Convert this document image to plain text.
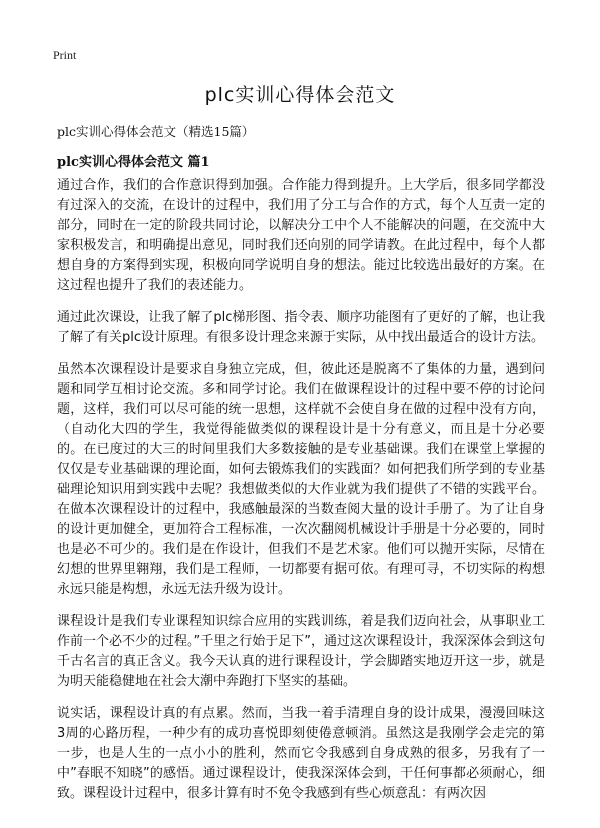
Print
plc实训心得体会范文

plc实训心得体会范文（精选15篇）

plc实训心得体会范文 篇1

通过合作，我们的合作意识得到加强。合作能力得到提升。上大学后，很多同学都没有过深入的交流，在设计的过程中，我们用了分工与合作的方式，每个人互责一定的部分，同时在一定的阶段共同讨论，以解决分工中个人不能解决的问题，在交流中大家积极发言，和明确提出意见，同时我们还向别的同学请教。在此过程中，每个人都想自身的方案得到实现，积极向同学说明自身的想法。能过比较选出最好的方案。在这过程也提升了我们的表述能力。

通过此次课设，让我了解了plc梯形图、指令表、顺序功能图有了更好的了解，也让我了解了有关plc设计原理。有很多设计理念来源于实际，从中找出最适合的设计方法。

虽然本次课程设计是要求自身独立完成，但，彼此还是脱离不了集体的力量，遇到问题和同学互相讨论交流。多和同学讨论。我们在做课程设计的过程中要不停的讨论问题，这样，我们可以尽可能的统一思想，这样就不会使自身在做的过程中没有方向，（自动化大四的学生，我觉得能做类似的课程设计是十分有意义，而且是十分必要的。在已度过的大三的时间里我们大多数接触的是专业基础课。我们在课堂上掌握的仅仅是专业基础课的理论面，如何去锻炼我们的实践面？如何把我们所学到的专业基础理论知识用到实践中去呢？我想做类似的大作业就为我们提供了不错的实践平台。在做本次课程设计的过程中，我感触最深的当数查阅大量的设计手册了。为了让自身的设计更加健全，更加符合工程标准，一次次翻阅机械设计手册是十分必要的，同时也是必不可少的。我们是在作设计，但我们不是艺术家。他们可以抛开实际，尽情在幻想的世界里翱翔，我们是工程师，一切都要有据可依。有理可寻，不切实际的构想永远只能是构想，永远无法升级为设计。

课程设计是我们专业课程知识综合应用的实践训练，着是我们迈向社会，从事职业工作前一个必不少的过程。”千里之行始于足下”，通过这次课程设计，我深深体会到这句千古名言的真正含义。我今天认真的进行课程设计，学会脚踏实地迈开这一步，就是为明天能稳健地在社会大潮中奔跑打下坚实的基础。

说实话，课程设计真的有点累。然而，当我一着手清理自身的设计成果，漫漫回味这3周的心路历程，一种少有的成功喜悦即刻使倦意顿消。虽然这是我刚学会走完的第一步，也是人生的一点小小的胜利，然而它令我感到自身成熟的很多，另我有了一中”春眠不知晓”的感悟。通过课程设计，使我深深体会到，干任何事都必须耐心，细致。课程设计过程中，很多计算有时不免令我感到有些心烦意乱：有两次因
